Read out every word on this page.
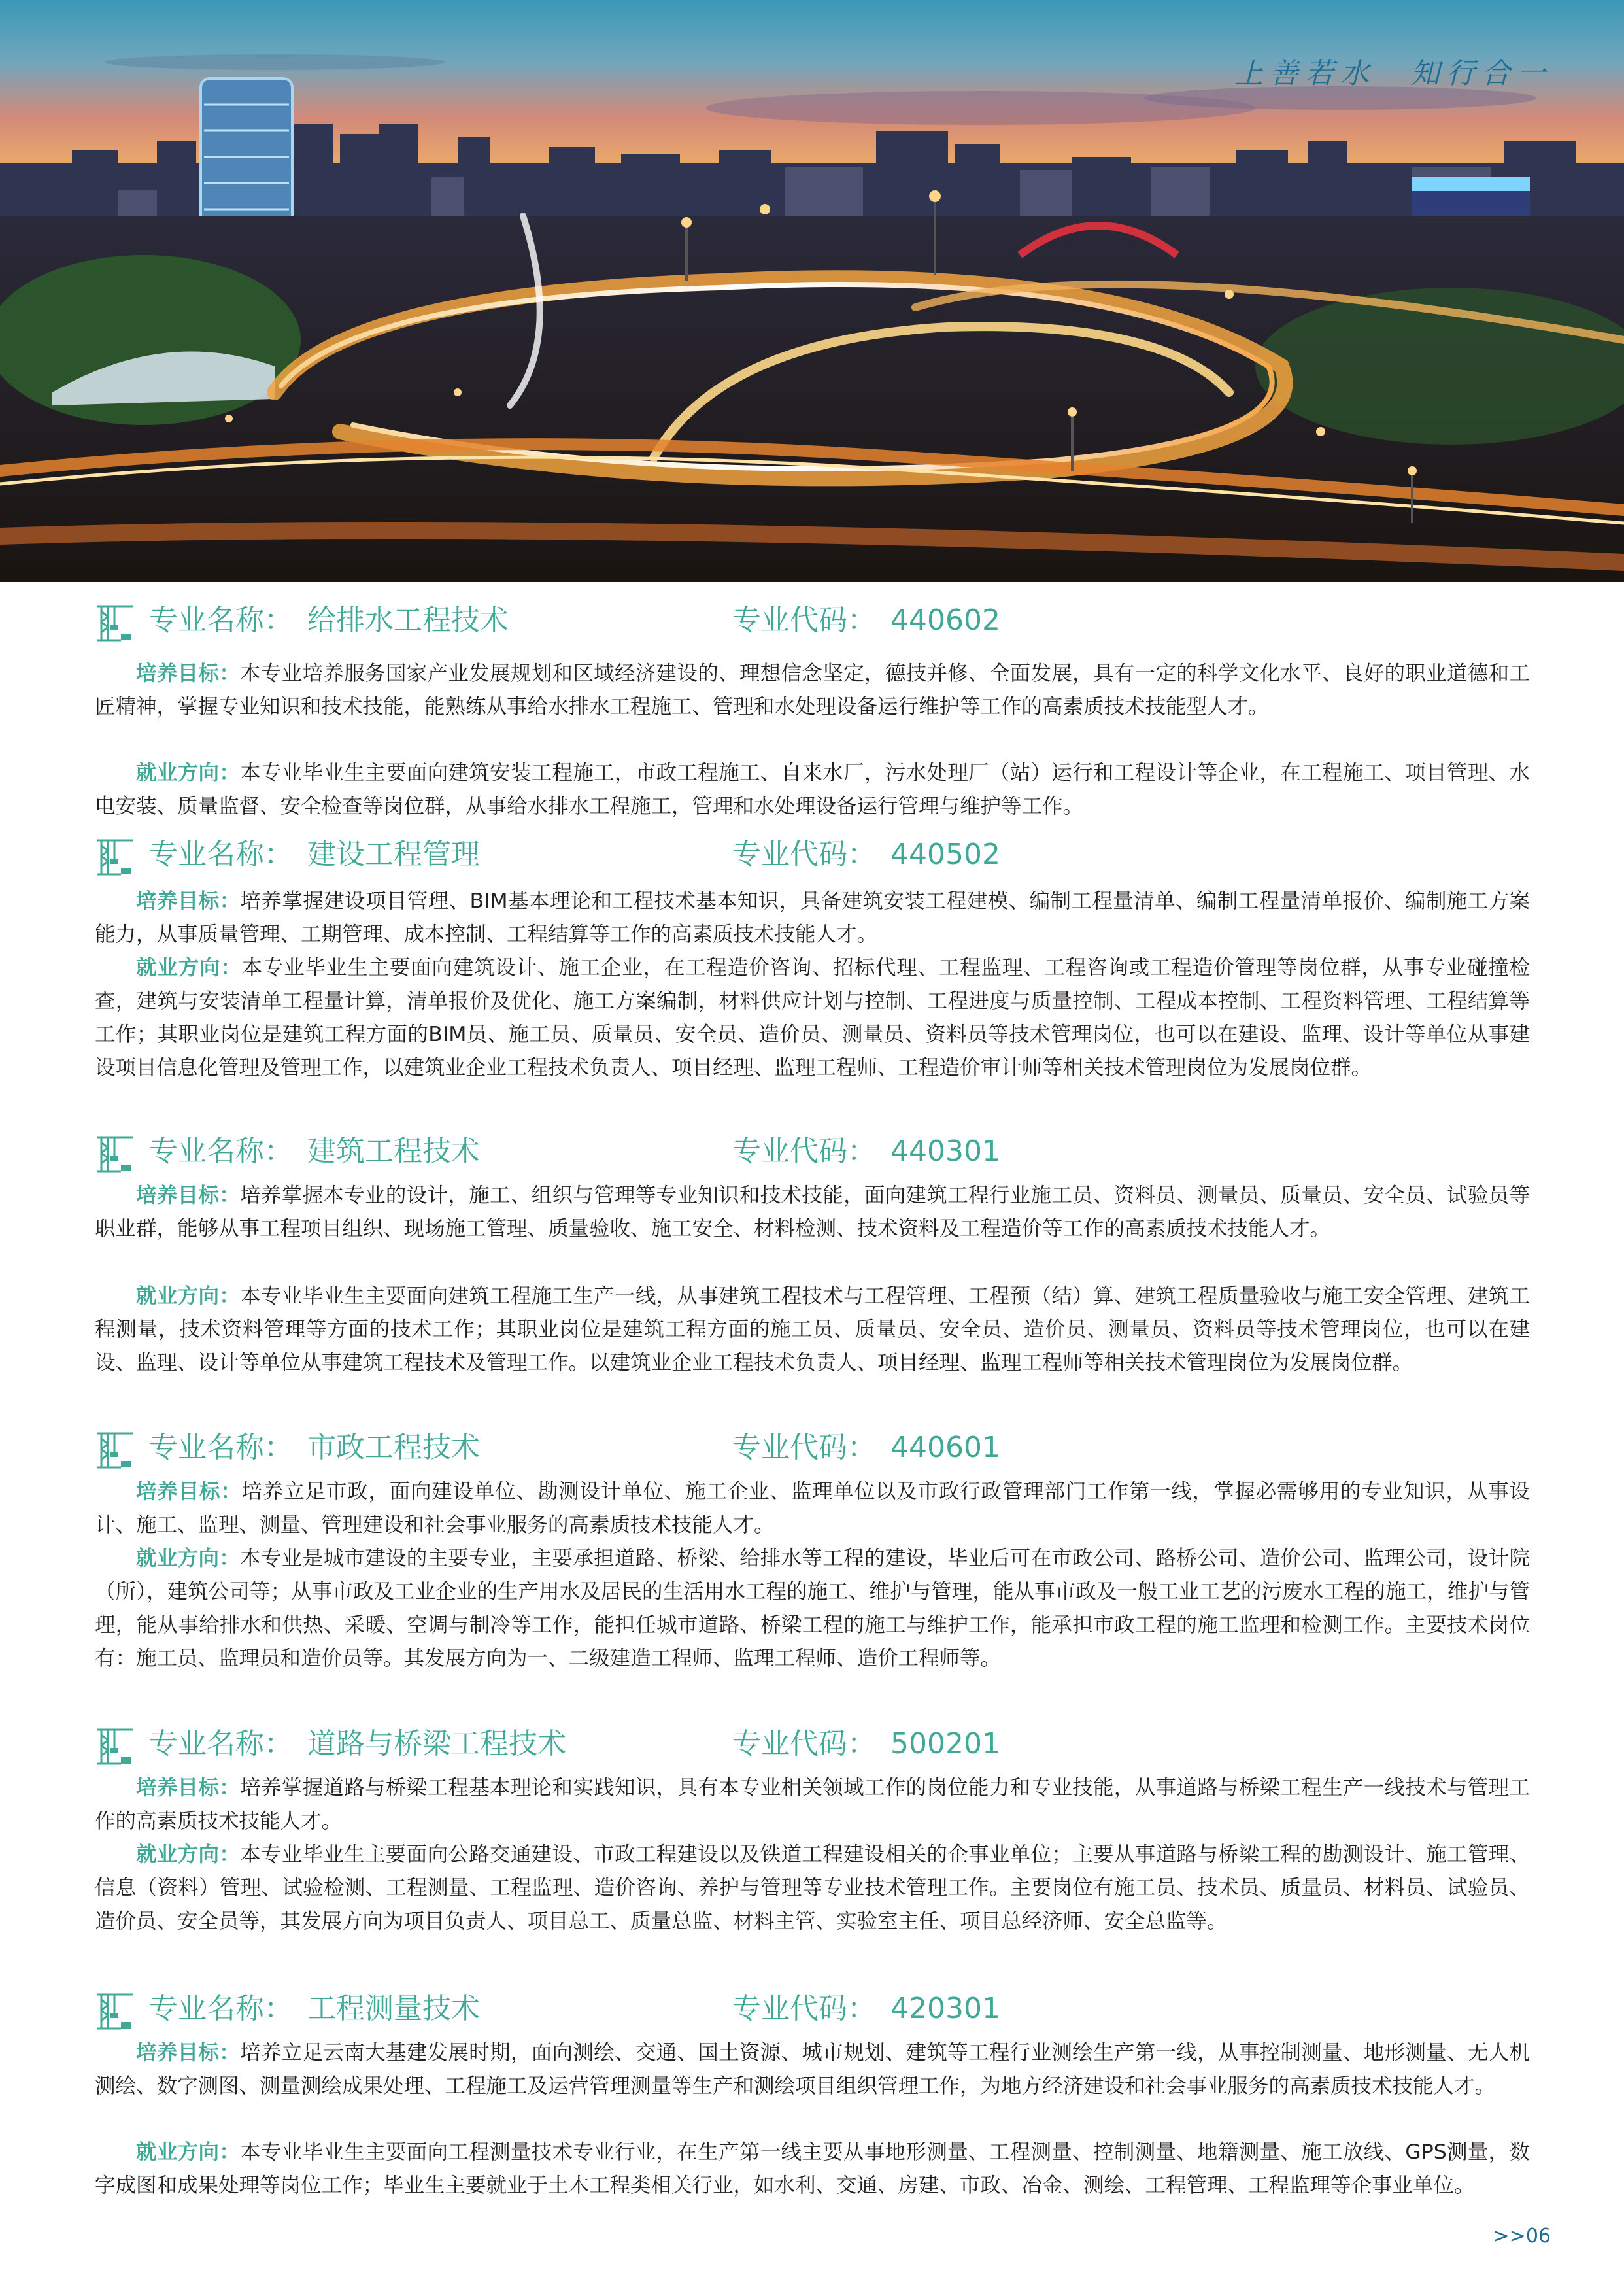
上善若水　知行合一
专业名称： 给排水工程技术	专业代码： 440602

培养目标：本专业培养服务国家产业发展规划和区域经济建设的、理想信念坚定，德技并修、全面发展，具有一定的科学文化水平、良好的职业道德和工匠精神，掌握专业知识和技术技能，能熟练从事给水排水工程施工、管理和水处理设备运行维护等工作的高素质技术技能型人才。

就业方向：本专业毕业生主要面向建筑安装工程施工，市政工程施工、自来水厂，污水处理厂（站）运行和工程设计等企业，在工程施工、项目管理、水电安装、质量监督、安全检查等岗位群，从事给水排水工程施工，管理和水处理设备运行管理与维护等工作。

专业名称： 建设工程管理	专业代码： 440502

培养目标：培养掌握建设项目管理、BIM基本理论和工程技术基本知识，具备建筑安装工程建模、编制工程量清单、编制工程量清单报价、编制施工方案能力，从事质量管理、工期管理、成本控制、工程结算等工作的高素质技术技能人才。

就业方向：本专业毕业生主要面向建筑设计、施工企业，在工程造价咨询、招标代理、工程监理、工程咨询或工程造价管理等岗位群，从事专业碰撞检查，建筑与安装清单工程量计算，清单报价及优化、施工方案编制，材料供应计划与控制、工程进度与质量控制、工程成本控制、工程资料管理、工程结算等工作；其职业岗位是建筑工程方面的BIM员、施工员、质量员、安全员、造价员、测量员、资料员等技术管理岗位，也可以在建设、监理、设计等单位从事建设项目信息化管理及管理工作，以建筑业企业工程技术负责人、项目经理、监理工程师、工程造价审计师等相关技术管理岗位为发展岗位群。

专业名称： 建筑工程技术	专业代码： 440301

培养目标：培养掌握本专业的设计，施工、组织与管理等专业知识和技术技能，面向建筑工程行业施工员、资料员、测量员、质量员、安全员、试验员等职业群，能够从事工程项目组织、现场施工管理、质量验收、施工安全、材料检测、技术资料及工程造价等工作的高素质技术技能人才。

就业方向：本专业毕业生主要面向建筑工程施工生产一线，从事建筑工程技术与工程管理、工程预（结）算、建筑工程质量验收与施工安全管理、建筑工程测量，技术资料管理等方面的技术工作；其职业岗位是建筑工程方面的施工员、质量员、安全员、造价员、测量员、资料员等技术管理岗位，也可以在建设、监理、设计等单位从事建筑工程技术及管理工作。以建筑业企业工程技术负责人、项目经理、监理工程师等相关技术管理岗位为发展岗位群。

专业名称： 市政工程技术	专业代码： 440601

培养目标：培养立足市政，面向建设单位、勘测设计单位、施工企业、监理单位以及市政行政管理部门工作第一线，掌握必需够用的专业知识，从事设计、施工、监理、测量、管理建设和社会事业服务的高素质技术技能人才。

就业方向：本专业是城市建设的主要专业，主要承担道路、桥梁、给排水等工程的建设，毕业后可在市政公司、路桥公司、造价公司、监理公司，设计院（所），建筑公司等；从事市政及工业企业的生产用水及居民的生活用水工程的施工、维护与管理，能从事市政及一般工业工艺的污废水工程的施工，维护与管理，能从事给排水和供热、采暖、空调与制冷等工作，能担任城市道路、桥梁工程的施工与维护工作，能承担市政工程的施工监理和检测工作。主要技术岗位有：施工员、监理员和造价员等。其发展方向为一、二级建造工程师、监理工程师、造价工程师等。

专业名称： 道路与桥梁工程技术	专业代码： 500201

培养目标：培养掌握道路与桥梁工程基本理论和实践知识，具有本专业相关领域工作的岗位能力和专业技能，从事道路与桥梁工程生产一线技术与管理工作的高素质技术技能人才。

就业方向：本专业毕业生主要面向公路交通建设、市政工程建设以及铁道工程建设相关的企事业单位；主要从事道路与桥梁工程的勘测设计、施工管理、信息（资料）管理、试验检测、工程测量、工程监理、造价咨询、养护与管理等专业技术管理工作。主要岗位有施工员、技术员、质量员、材料员、试验员、造价员、安全员等，其发展方向为项目负责人、项目总工、质量总监、材料主管、实验室主任、项目总经济师、安全总监等。

专业名称： 工程测量技术	专业代码： 420301

培养目标：培养立足云南大基建发展时期，面向测绘、交通、国土资源、城市规划、建筑等工程行业测绘生产第一线，从事控制测量、地形测量、无人机测绘、数字测图、测量测绘成果处理、工程施工及运营管理测量等生产和测绘项目组织管理工作，为地方经济建设和社会事业服务的高素质技术技能人才。

就业方向：本专业毕业生主要面向工程测量技术专业行业，在生产第一线主要从事地形测量、工程测量、控制测量、地籍测量、施工放线、GPS测量，数字成图和成果处理等岗位工作；毕业生主要就业于土木工程类相关行业，如水利、交通、房建、市政、冶金、测绘、工程管理、工程监理等企事业单位。

>>06
